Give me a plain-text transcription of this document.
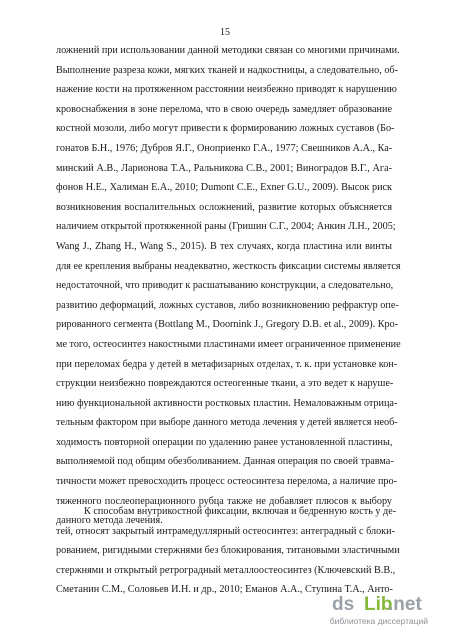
15
ложнений при использовании данной методики связан со многими причинами.
Выполнение разреза кожи, мягких тканей и надкостницы, а следовательно, об-
нажение кости на протяженном расстоянии неизбежно приводят к нарушению
кровоснабжения в зоне перелома, что в свою очередь замедляет образование
костной мозоли, либо могут привести к формированию ложных суставов (Бо-
гонатов Б.Н., 1976; Дубров Я.Г., Оноприенко Г.А., 1977; Свешников А.А., Ка-
минский А.В., Ларионова Т.А., Ральникова С.В., 2001; Виноградов В.Г., Ага-
фонов Н.Е., Халиман Е.А., 2010; Dumont C.E., Exner G.U., 2009). Высок риск
возникновения воспалительных осложнений, развитие которых объясняется
наличием открытой протяженной раны (Гришин С.Г., 2004; Анкин Л.Н., 2005;
Wang J., Zhang H., Wang S., 2015). В тех случаях, когда пластина или винты
для ее крепления выбраны неадекватно, жесткость фиксации системы является
недостаточной, что приводит к расшатыванию конструкции, а следовательно,
развитию деформаций, ложных суставов, либо возникновению рефрактур опе-
рированного сегмента (Bottlang M., Doornink J., Gregory D.B. et al., 2009). Кро-
ме того, остеосинтез накостными пластинами имеет ограниченное применение
при переломах бедра у детей в метафизарных отделах, т. к. при установке кон-
струкции неизбежно повреждаются остеогенные ткани, а это ведет к наруше-
нию функциональной активности ростковых пластин. Немаловажным отрица-
тельным фактором при выборе данного метода лечения у детей является необ-
ходимость повторной операции по удалению ранее установленной пластины,
выполняемой под общим обезболиванием. Данная операция по своей травма-
тичности может превосходить процесс остеосинтеза перелома, а наличие про-
тяженного послеоперационного рубца также не добавляет плюсов к выбору
данного метода лечения.
К способам внутрикостной фиксации, включая и бедренную кость у де-
тей, относят закрытый интрамедуллярный остеосинтез: антеградный с блоки-
рованием, ригидными стержнями без блокирования, титановыми эластичными
стержнями и открытый ретроградный металлоостеосинтез (Ключевский В.В.,
Сметанин С.М., Соловьев И.Н. и др., 2010; Еманов А.А., Ступина Т.А., Анто-
ds Lib
.net
библиотека диссертаций
